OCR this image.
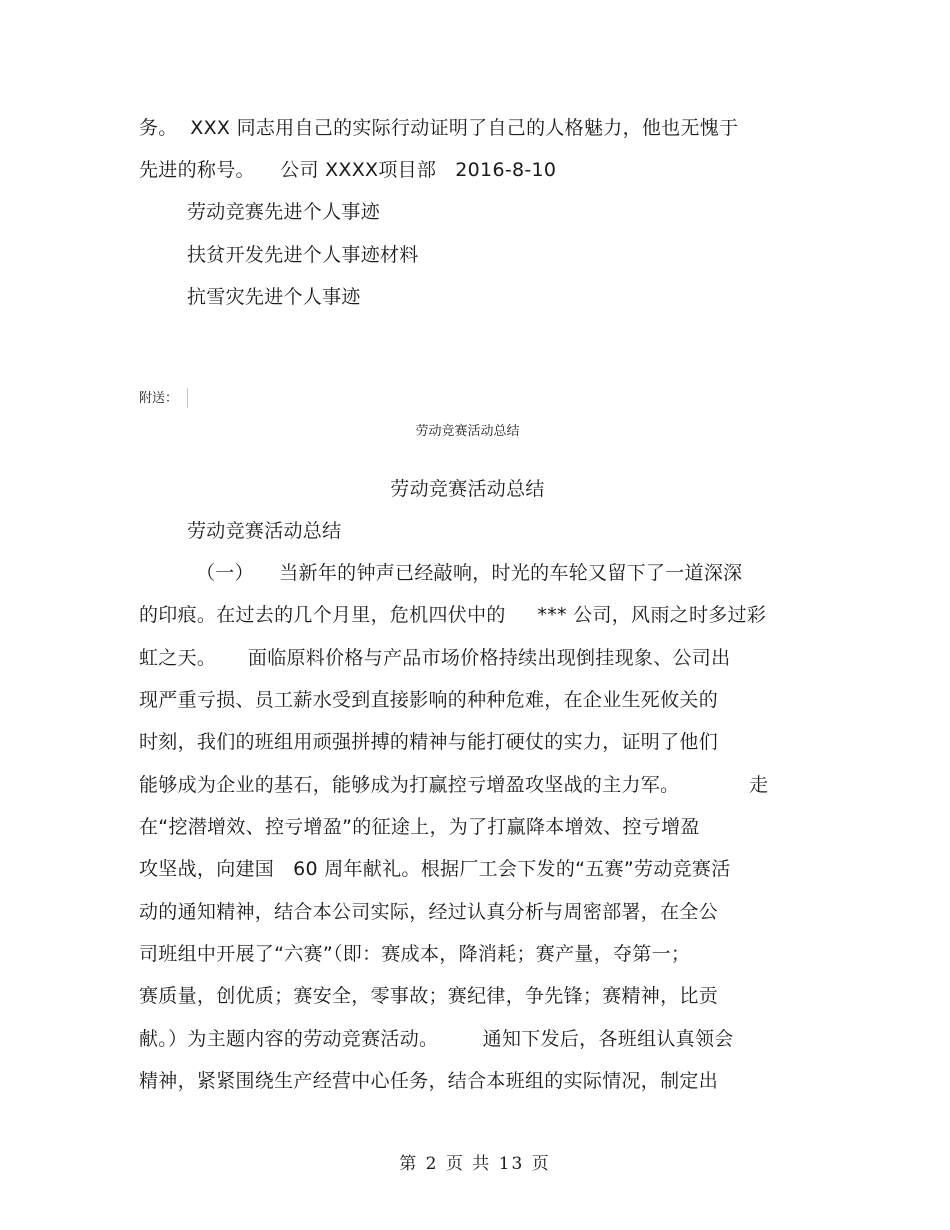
务。  XXX 同志用自己的实际行动证明了自己的人格魅力，他也无愧于
先进的称号。    公司 XXXX项目部   2016-8-10
劳动竞赛先进个人事迹
扶贫开发先进个人事迹材料
抗雪灾先进个人事迹
附送：
劳动竞赛活动总结
劳动竞赛活动总结
劳动竞赛活动总结
（一）    当新年的钟声已经敲响，时光的车轮又留下了一道深深
的印痕。在过去的几个月里，危机四伏中的     *** 公司，风雨之时多过彩
虹之天。     面临原料价格与产品市场价格持续出现倒挂现象、公司出
现严重亏损、员工薪水受到直接影响的种种危难，在企业生死攸关的
时刻，我们的班组用顽强拼搏的精神与能打硬仗的实力，证明了他们
能够成为企业的基石，能够成为打赢控亏增盈攻坚战的主力军。           走
在“挖潜增效、控亏增盈”的征途上，为了打赢降本增效、控亏增盈
攻坚战，向建国   60 周年献礼。根据厂工会下发的“五赛”劳动竞赛活
动的通知精神，结合本公司实际，经过认真分析与周密部署，在全公
司班组中开展了“六赛”（即：赛成本，降消耗；赛产量，夺第一；
赛质量，创优质；赛安全，零事故；赛纪律，争先锋；赛精神，比贡
献。）为主题内容的劳动竞赛活动。       通知下发后，各班组认真领会
精神，紧紧围绕生产经营中心任务，结合本班组的实际情况，制定出
第 2 页 共 13 页
